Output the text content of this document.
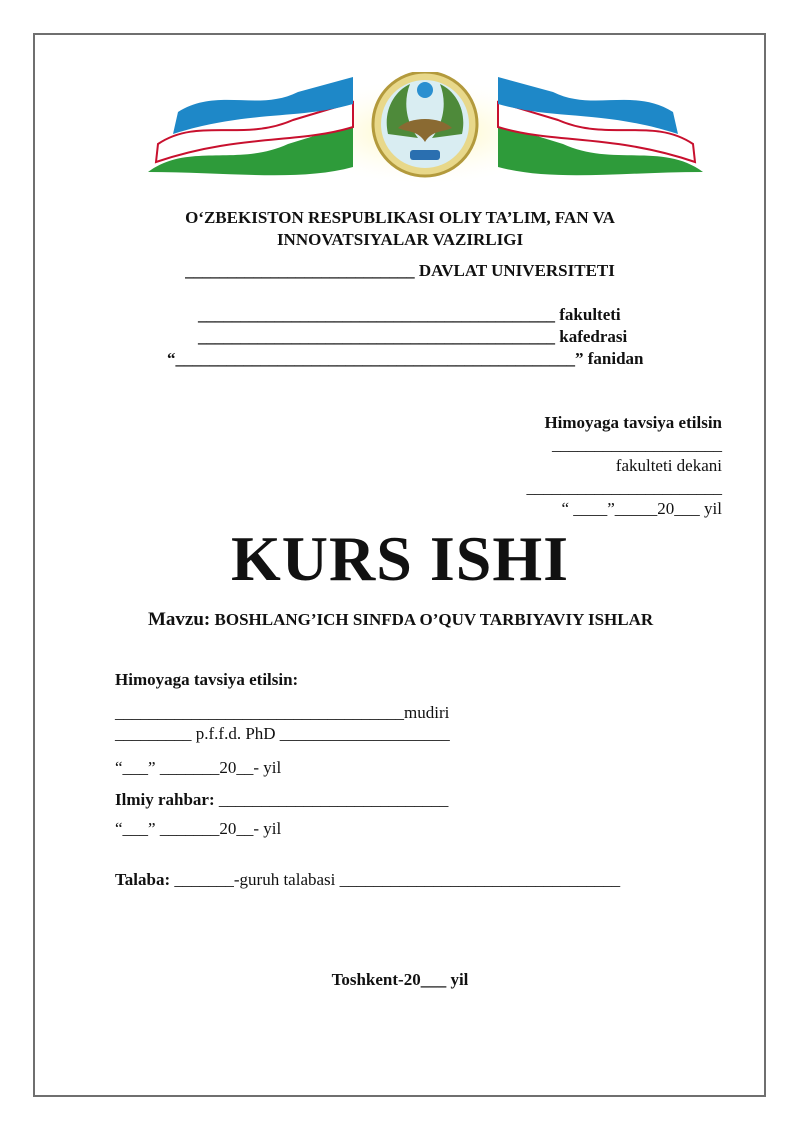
O‘ZBEKISTON RESPUBLIKASI OLIY TA’LIM, FAN VA
INNOVATSIYALAR VAZIRLIGI
___________________________ DAVLAT UNIVERSITETI
__________________________________________ fakulteti
__________________________________________ kafedrasi
“_______________________________________________” fanidan
Himoyaga tavsiya etilsin
____________________
fakulteti dekani
_______________________
“ ____”_____20___ yil
KURS ISHI
Mavzu: BOSHLANG’ICH SINFDA O’QUV TARBIYAVIY ISHLAR
Himoyaga tavsiya etilsin:
__________________________________mudiri
_________ p.f.f.d. PhD ____________________
“___” _______20__- yil
Ilmiy rahbar: ___________________________
“___” _______20__- yil
Talaba: _______-guruh talabasi _________________________________
Toshkent-20___ yil
